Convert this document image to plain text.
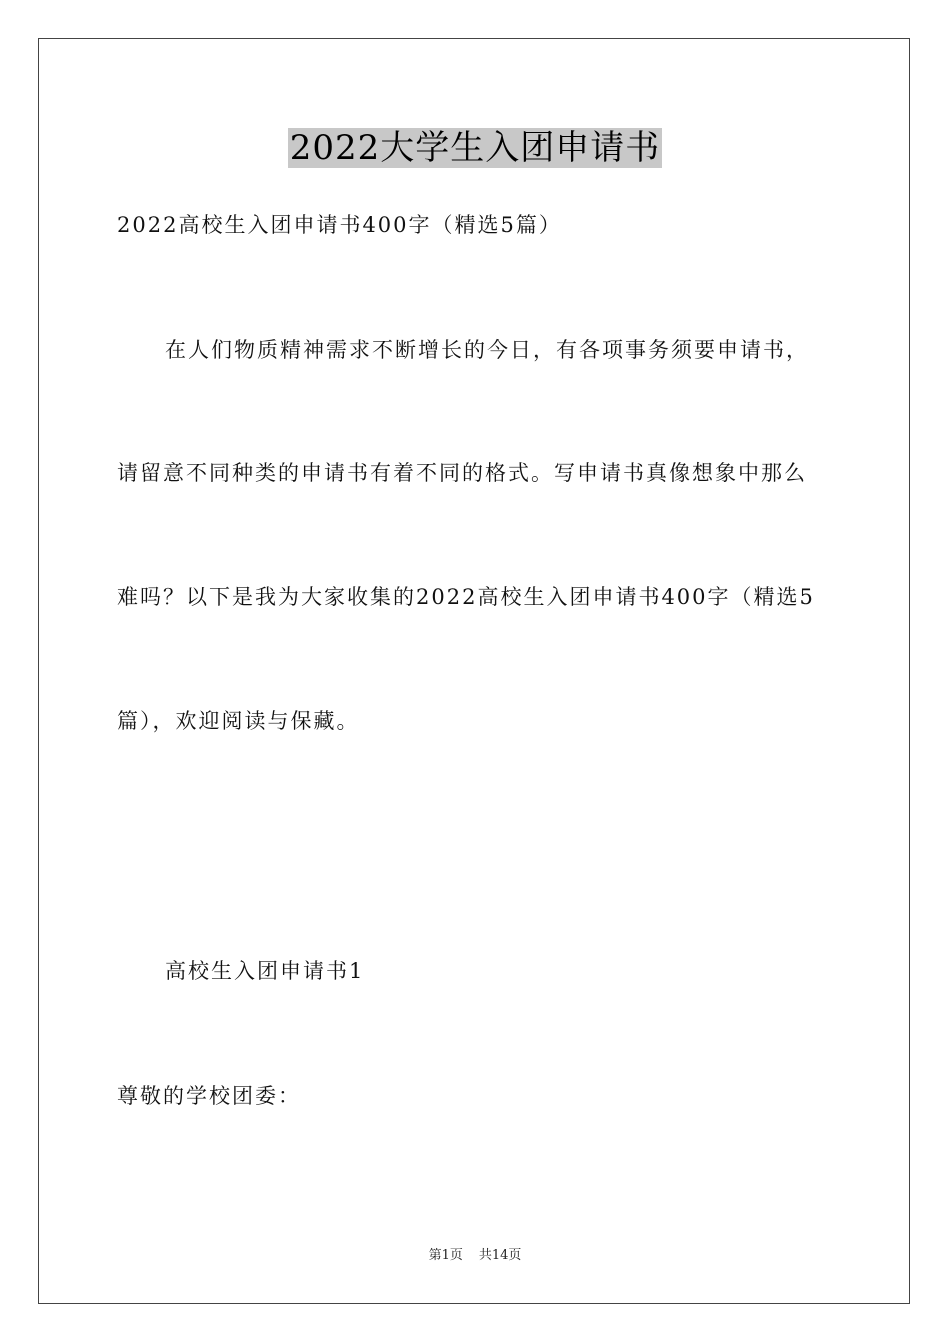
2022大学生入团申请书
2022高校生入团申请书400字（精选5篇）
在人们物质精神需求不断增长的今日，有各项事务须要申请书，
请留意不同种类的申请书有着不同的格式。写申请书真像想象中那么
难吗？以下是我为大家收集的2022高校生入团申请书400字（精选5
篇），欢迎阅读与保藏。
高校生入团申请书1
尊敬的学校团委：
第1页 共14页
